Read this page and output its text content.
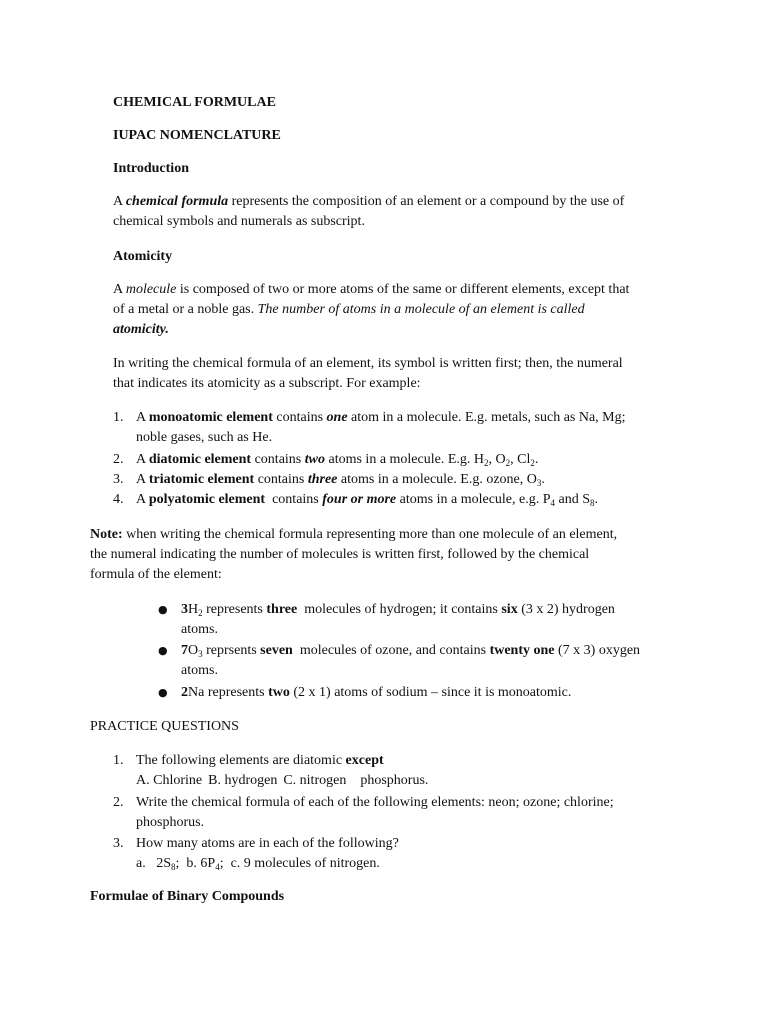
CHEMICAL FORMULAE

IUPAC NOMENCLATURE

Introduction

A chemical formula represents the composition of an element or a compound by the use of
chemical symbols and numerals as subscript.

Atomicity

A molecule is composed of two or more atoms of the same or different elements, except that
of a metal or a noble gas. The number of atoms in a molecule of an element is called
atomicity.

In writing the chemical formula of an element, its symbol is written first; then, the numeral
that indicates its atomicity as a subscript. For example:

1. A monoatomic element contains one atom in a molecule. E.g. metals, such as Na, Mg;
noble gases, such as He.
2. A diatomic element contains two atoms in a molecule. E.g. $H_2$, $O_2$, $Cl_2$.
3. A triatomic element contains three atoms in a molecule. E.g. ozone, $O_3$.
4. A polyatomic element contains four or more atoms in a molecule, e.g. $P_4$ and $S_8$.

Note: when writing the chemical formula representing more than one molecule of an element,
the numeral indicating the number of molecules is written first, followed by the chemical
formula of the element:

● $3H_2$ represents three molecules of hydrogen; it contains six (3 x 2) hydrogen
atoms.
● $7O_3$ reprsents seven molecules of ozone, and contains twenty one (7 x 3) oxygen
atoms.
● 2Na represents two (2 x 1) atoms of sodium – since it is monoatomic.

PRACTICE QUESTIONS

1. The following elements are diatomic except
A. Chlorine B. hydrogen C. nitrogen phosphorus.
2. Write the chemical formula of each of the following elements: neon; ozone; chlorine;
phosphorus.
3. How many atoms are in each of the following?
a. $2S_8$; b. $6P_4$; c. 9 molecules of nitrogen.

Formulae of Binary Compounds
